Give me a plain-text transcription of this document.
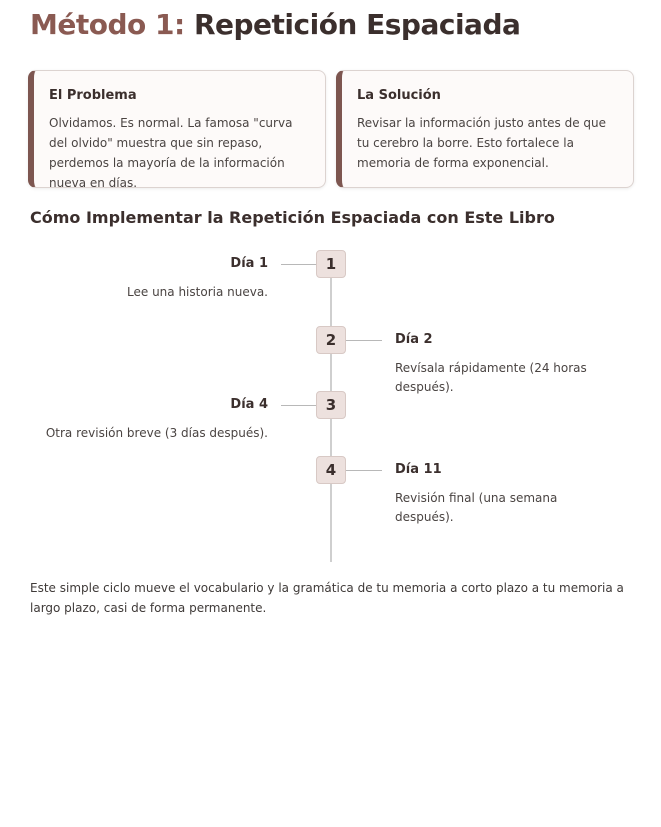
Método 1: Repetición Espaciada
El Problema

Olvidamos. Es normal. La famosa "curva del olvido" muestra que sin repaso, perdemos la mayoría de la información nueva en días.

La Solución

Revisar la información justo antes de que tu cerebro la borre. Esto fortalece la memoria de forma exponencial.

Cómo Implementar la Repetición Espaciada con Este Libro
1
Día 1
Lee una historia nueva.
2	Día 2
Revísala rápidamente (24 horas después).
3
Día 4
Otra revisión breve (3 días después).
4	Día 11
Revisión final (una semana después).

Este simple ciclo mueve el vocabulario y la gramática de tu memoria a corto plazo a tu memoria a largo plazo, casi de forma permanente.
